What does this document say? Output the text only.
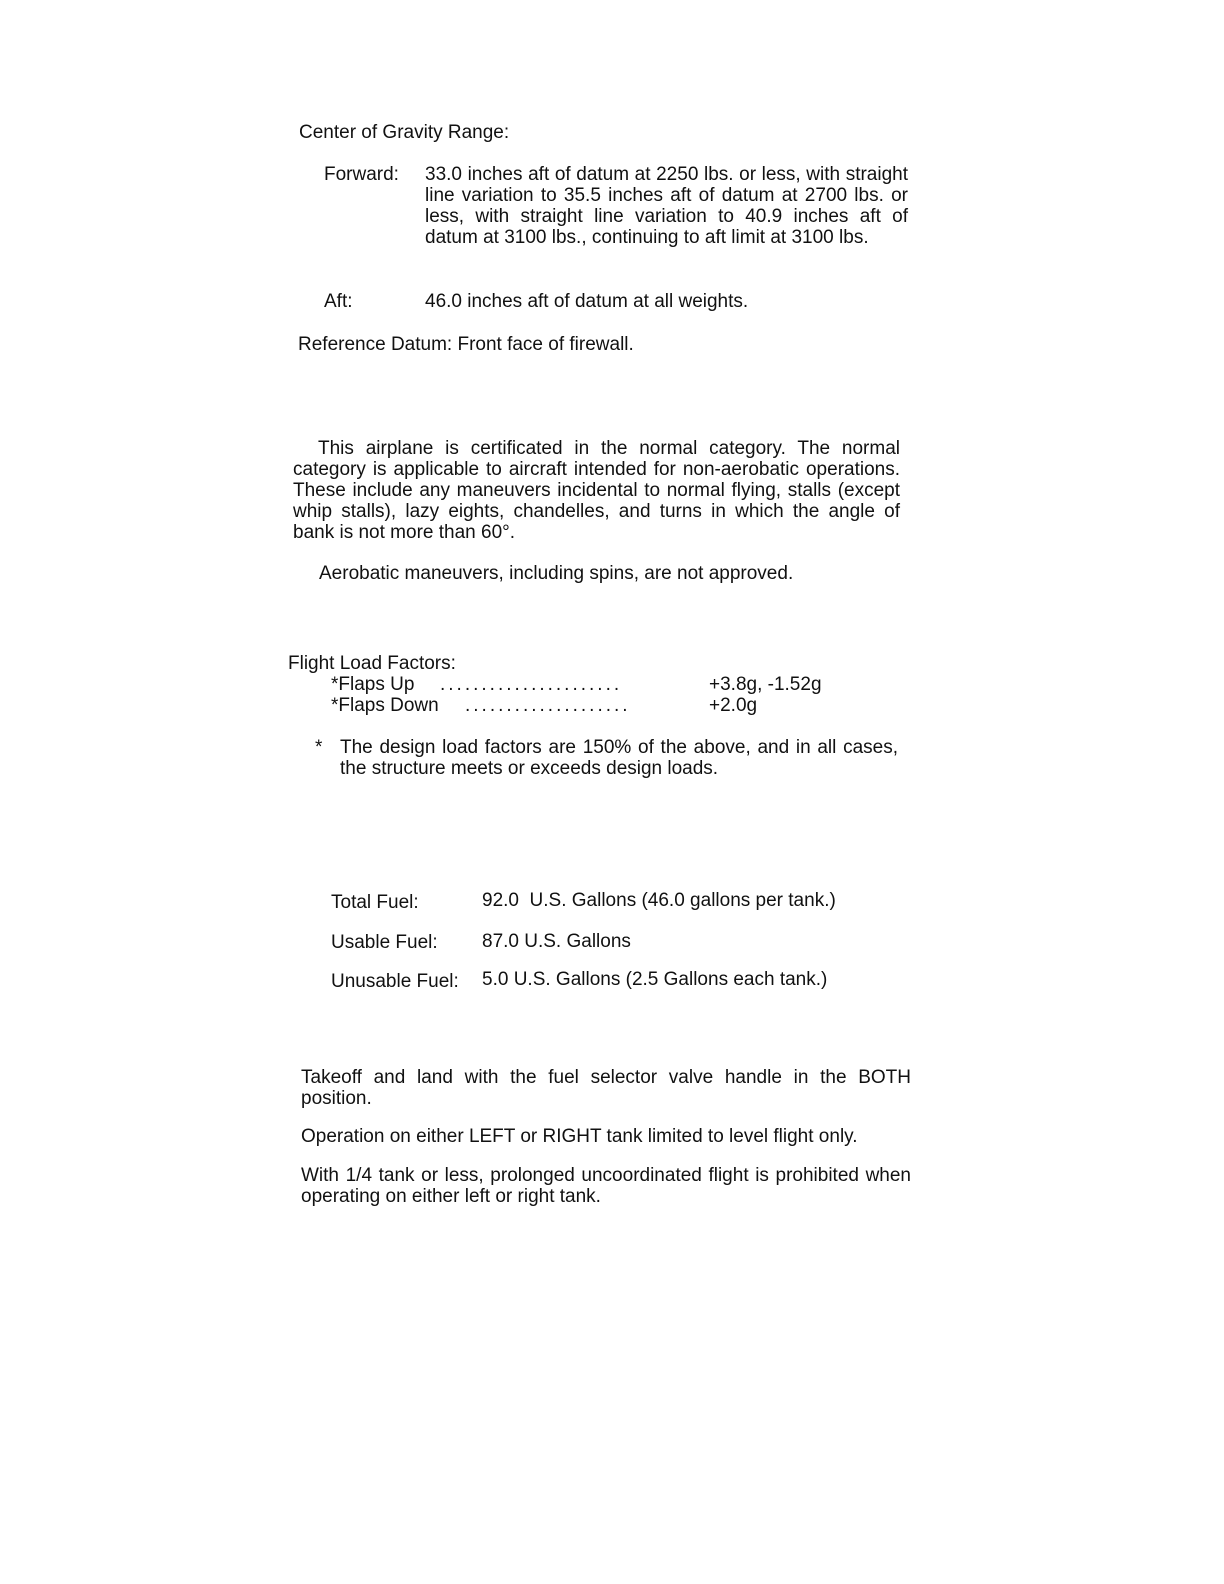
Center of Gravity Range:

Forward: 33.0 inches aft of datum at 2250 lbs. or less, with straight line variation to 35.5 inches aft of datum at 2700 lbs. or less, with straight line variation to 40.9 inches aft of datum at 3100 lbs., continuing to aft limit at 3100 lbs.

Aft:	46.0 inches aft of datum at all weights.

Reference Datum: Front face of firewall.

This airplane is certificated in the normal category. The normal category is applicable to aircraft intended for non-aerobatic operations. These include any maneuvers incidental to normal flying, stalls (except whip stalls), lazy eights, chandelles, and turns in which the angle of bank is not more than 60°.

Aerobatic maneuvers, including spins, are not approved.

Flight Load Factors:

*Flaps Up ......................	+3.8g, -1.52g

*Flaps Down ....................	+2.0g

* The design load factors are 150% of the above, and in all cases, the structure meets or exceeds design loads.

Total Fuel:	92.0  U.S. Gallons (46.0 gallons per tank.)

Usable Fuel: 87.0 U.S. Gallons

Unusable Fuel: 5.0 U.S. Gallons (2.5 Gallons each tank.)

Takeoff and land with the fuel selector valve handle in the BOTH position.

Operation on either LEFT or RIGHT tank limited to level flight only.

With 1/4 tank or less, prolonged uncoordinated flight is prohibited when operating on either left or right tank.
